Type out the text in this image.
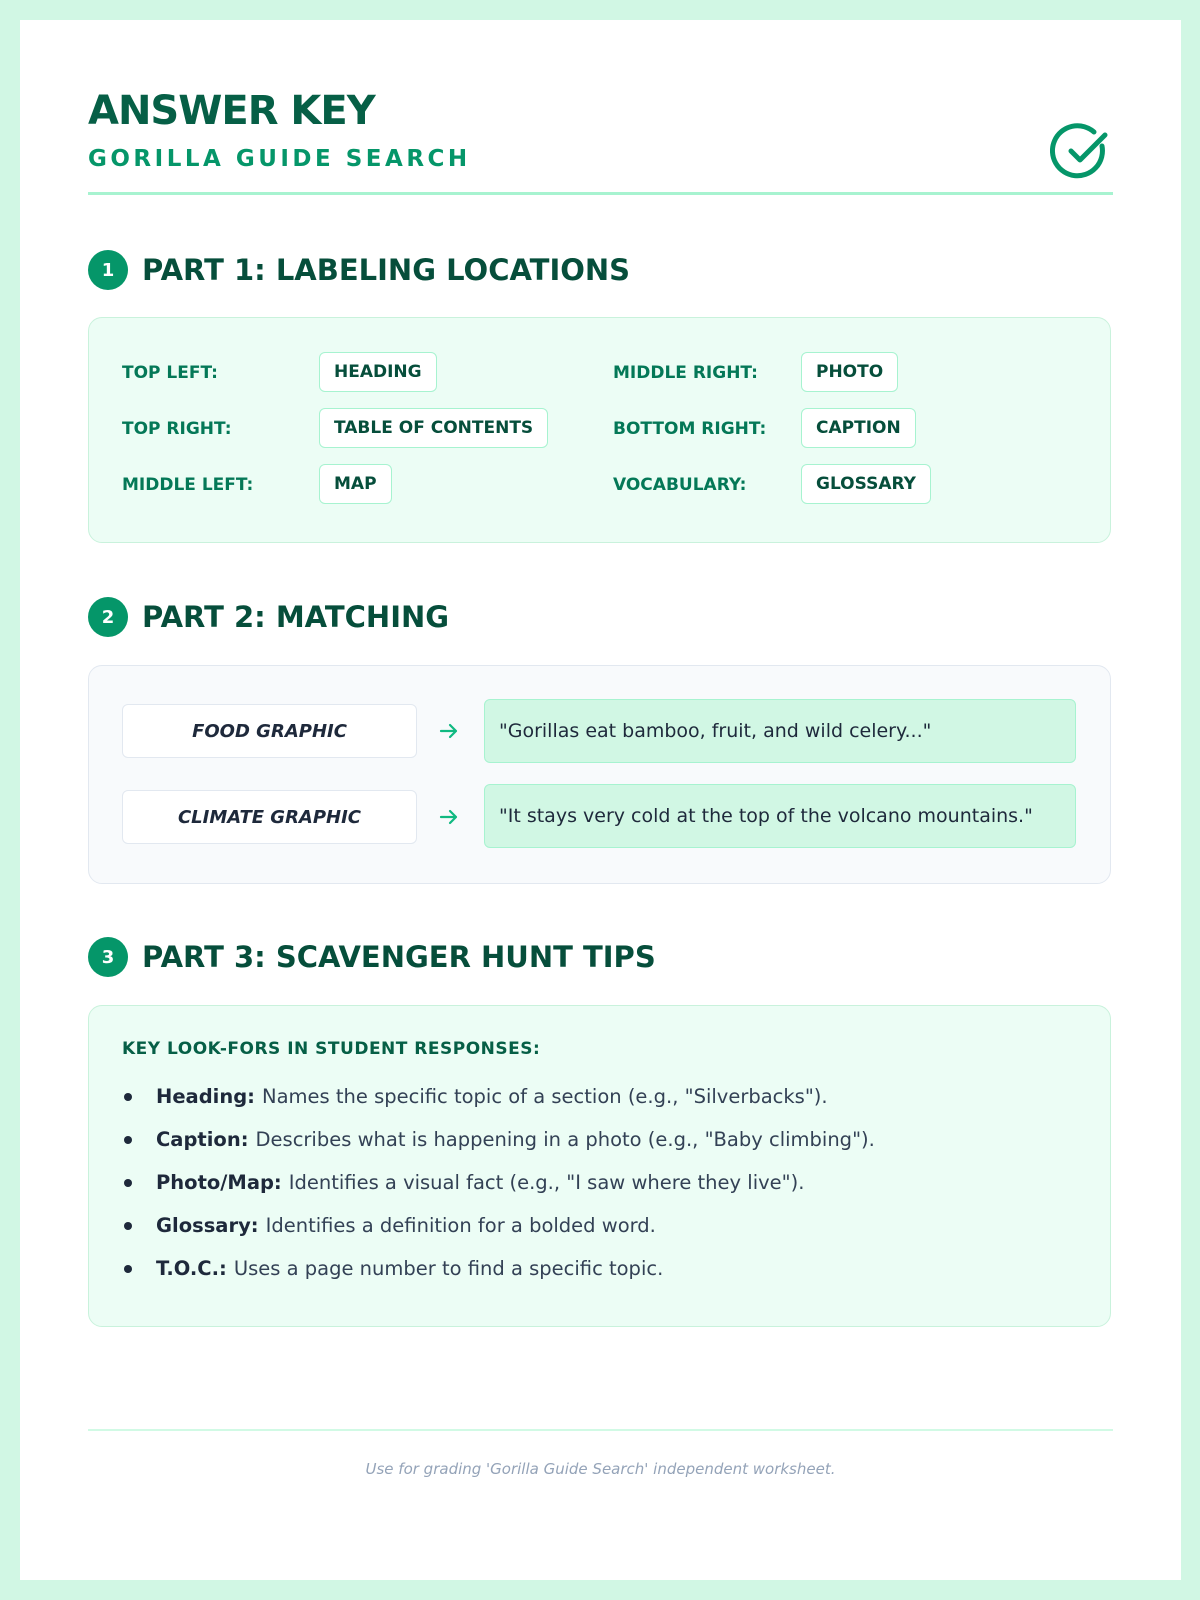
ANSWER KEY
GORILLA GUIDE SEARCH
1 PART 1: LABELING LOCATIONS
TOP LEFT:	HEADING
TOP RIGHT:	TABLE OF CONTENTS
MIDDLE LEFT:	MAP
MIDDLE RIGHT:	PHOTO
BOTTOM RIGHT:	CAPTION
VOCABULARY:	GLOSSARY
2 PART 2: MATCHING
FOOD GRAPHIC	"Gorillas eat bamboo, fruit, and wild celery..."
CLIMATE GRAPHIC	"It stays very cold at the top of the volcano mountains."
3 PART 3: SCAVENGER HUNT TIPS
KEY LOOK-FORS IN STUDENT RESPONSES:
Heading: Names the specific topic of a section (e.g., "Silverbacks").
Caption: Describes what is happening in a photo (e.g., "Baby climbing").
Photo/Map: Identifies a visual fact (e.g., "I saw where they live").
Glossary: Identifies a definition for a bolded word.
T.O.C.: Uses a page number to find a specific topic.
Use for grading 'Gorilla Guide Search' independent worksheet.
